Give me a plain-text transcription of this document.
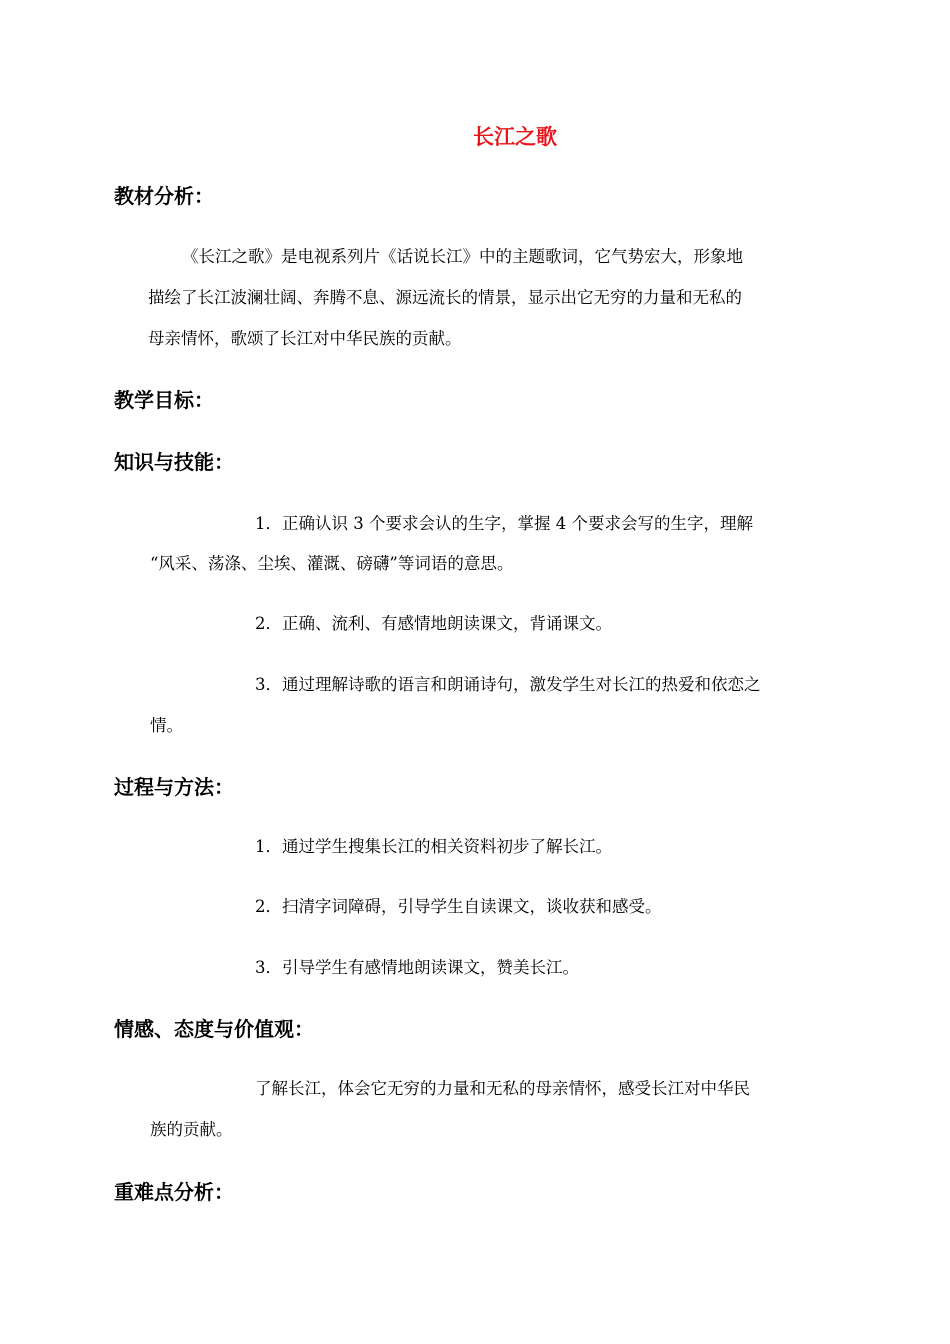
长江之歌
教材分析：
《长江之歌》是电视系列片《话说长江》中的主题歌词，它气势宏大，形象地
描绘了长江波澜壮阔、奔腾不息、源远流长的情景，显示出它无穷的力量和无私的
母亲情怀，歌颂了长江对中华民族的贡献。
教学目标：
知识与技能：
1．正确认识 3 个要求会认的生字，掌握 4 个要求会写的生字，理解
“风采、荡涤、尘埃、灌溉、磅礴”等词语的意思。
2．正确、流利、有感情地朗读课文，背诵课文。
3．通过理解诗歌的语言和朗诵诗句，激发学生对长江的热爱和依恋之
情。
过程与方法：
1．通过学生搜集长江的相关资料初步了解长江。
2．扫清字词障碍，引导学生自读课文，谈收获和感受。
3．引导学生有感情地朗读课文，赞美长江。
情感、态度与价值观：
了解长江，体会它无穷的力量和无私的母亲情怀，感受长江对中华民
族的贡献。
重难点分析：
